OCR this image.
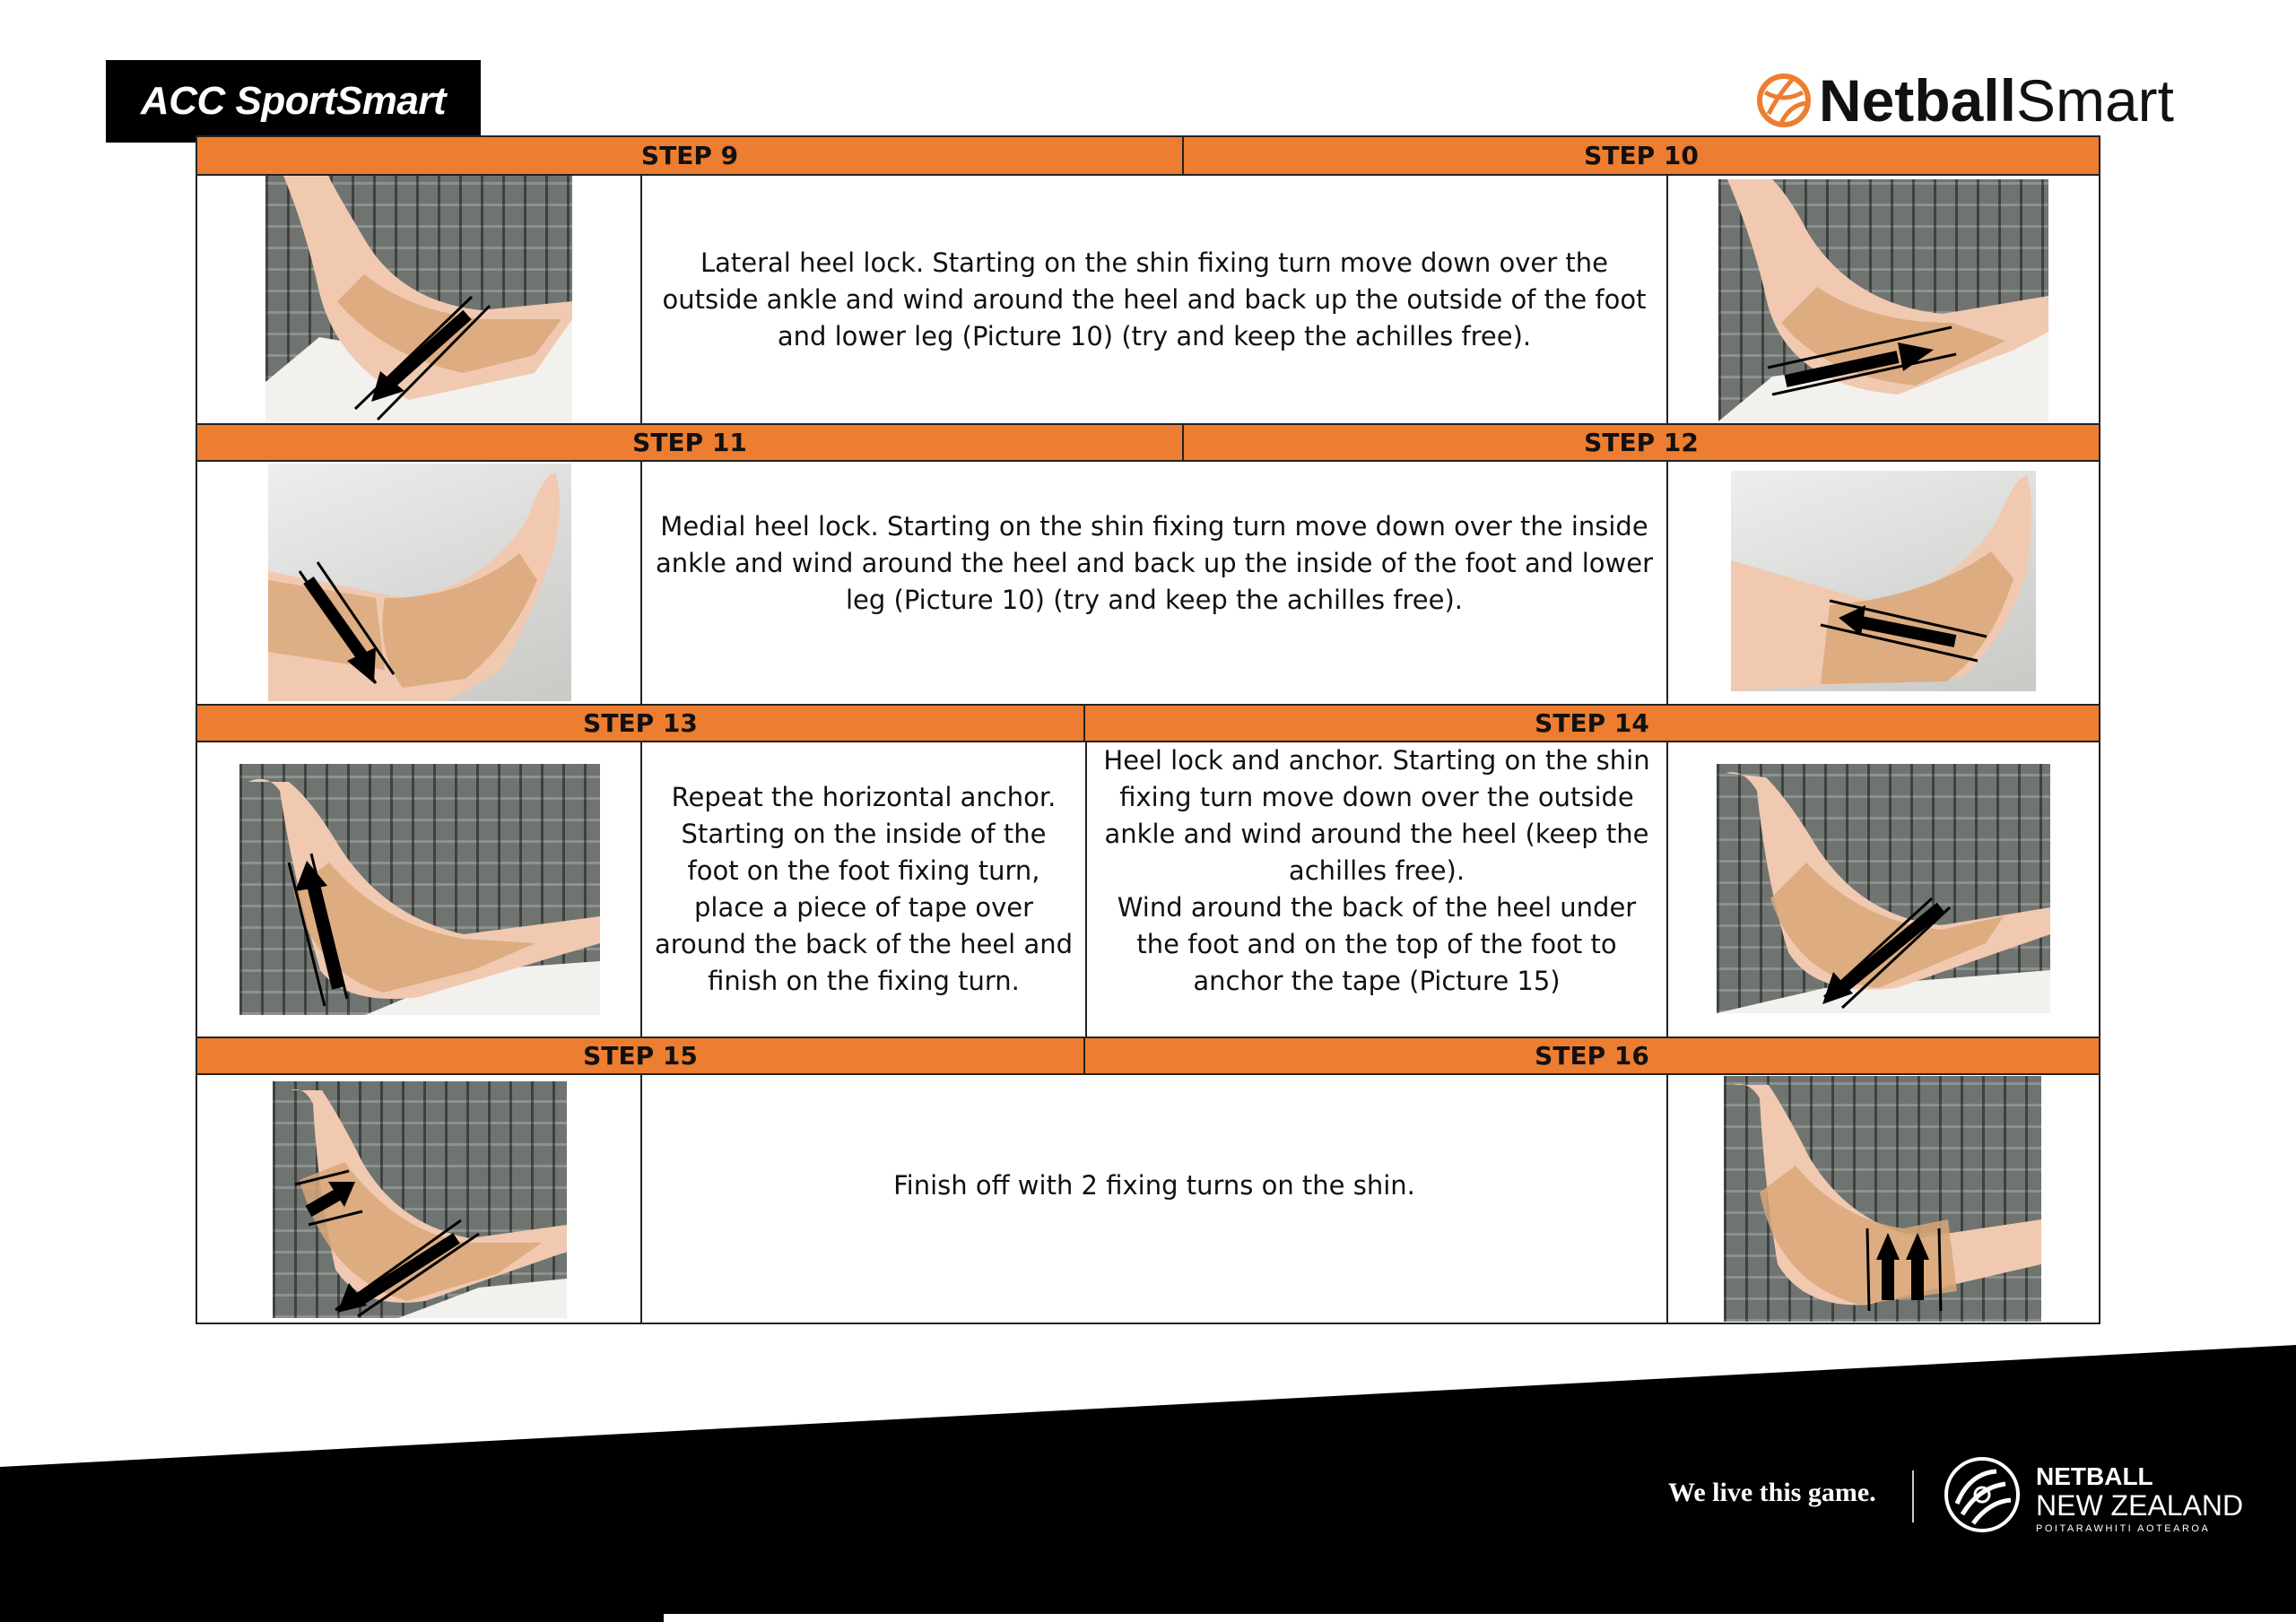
ACC SportSmart	NetballSmart
STEP 9	STEP 10
Lateral heel lock. Starting on the shin fixing turn move down over the outside ankle and wind around the heel and back up the outside of the foot and lower leg (Picture 10) (try and keep the achilles free).
STEP 11	STEP 12
Medial heel lock. Starting on the shin fixing turn move down over the inside ankle and wind around the heel and back up the inside of the foot and lower leg (Picture 10) (try and keep the achilles free).
STEP 13	STEP 14
Repeat the horizontal anchor. Starting on the inside of the foot on the foot fixing turn, place a piece of tape over around the back of the heel and finish on the fixing turn.
Heel lock and anchor. Starting on the shin fixing turn move down over the outside ankle and wind around the heel (keep the achilles free).
Wind around the back of the heel under the foot and on the top of the foot to anchor the tape (Picture 15)
STEP 15	STEP 16
Finish off with 2 fixing turns on the shin.
We live this game.
NETBALL
NEW ZEALAND
POITARAWHITI AOTEAROA
